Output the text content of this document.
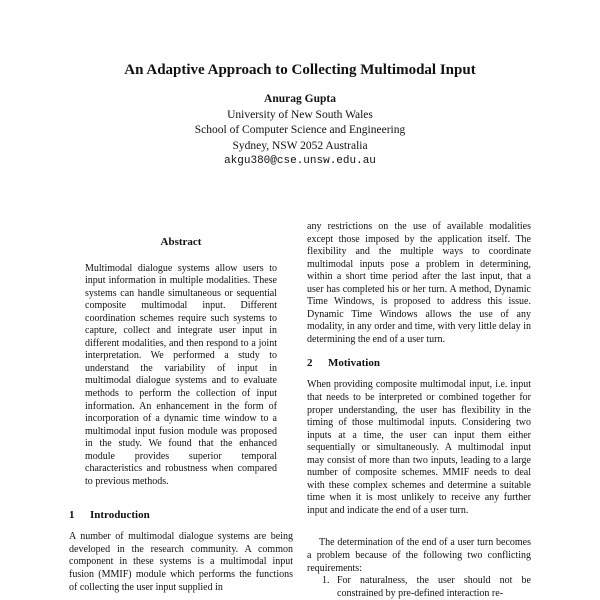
An Adaptive Approach to Collecting Multimodal Input
Anurag Gupta
University of New South Wales
School of Computer Science and Engineering
Sydney, NSW 2052 Australia
akgu380@cse.unsw.edu.au
Abstract

Multimodal dialogue systems allow users to input information in multiple modalities. These systems can handle simultaneous or sequential composite multimodal input. Different coordination schemes require such systems to capture, collect and integrate user input in different modalities, and then respond to a joint interpretation. We performed a study to understand the variability of input in multimodal dialogue systems and to evaluate methods to perform the collection of input information. An enhancement in the form of incorporation of a dynamic time window to a multimodal input fusion module was proposed in the study. We found that the enhanced module provides superior temporal characteristics and robustness when compared to previous methods.

1 Introduction

A number of multimodal dialogue systems are being developed in the research community. A common component in these systems is a multimodal input fusion (MMIF) module which performs the functions of collecting the user input supplied in

any restrictions on the use of available modalities except those imposed by the application itself. The flexibility and the multiple ways to coordinate multimodal inputs pose a problem in determining, within a short time period after the last input, that a user has completed his or her turn. A method, Dynamic Time Windows, is proposed to address this issue. Dynamic Time Windows allows the use of any modality, in any order and time, with very little delay in determining the end of a user turn.

2 Motivation

When providing composite multimodal input, i.e. input that needs to be interpreted or combined together for proper understanding, the user has flexibility in the timing of those multimodal inputs. Considering two inputs at a time, the user can input them either sequentially or simultaneously. A multimodal input may consist of more than two inputs, leading to a large number of composite schemes. MMIF needs to deal with these complex schemes and determine a suitable time when it is most unlikely to receive any further input and indicate the end of a user turn.

The determination of the end of a user turn becomes a problem because of the following two conflicting requirements:

1. For naturalness, the user should not be constrained by pre-defined interaction re-
